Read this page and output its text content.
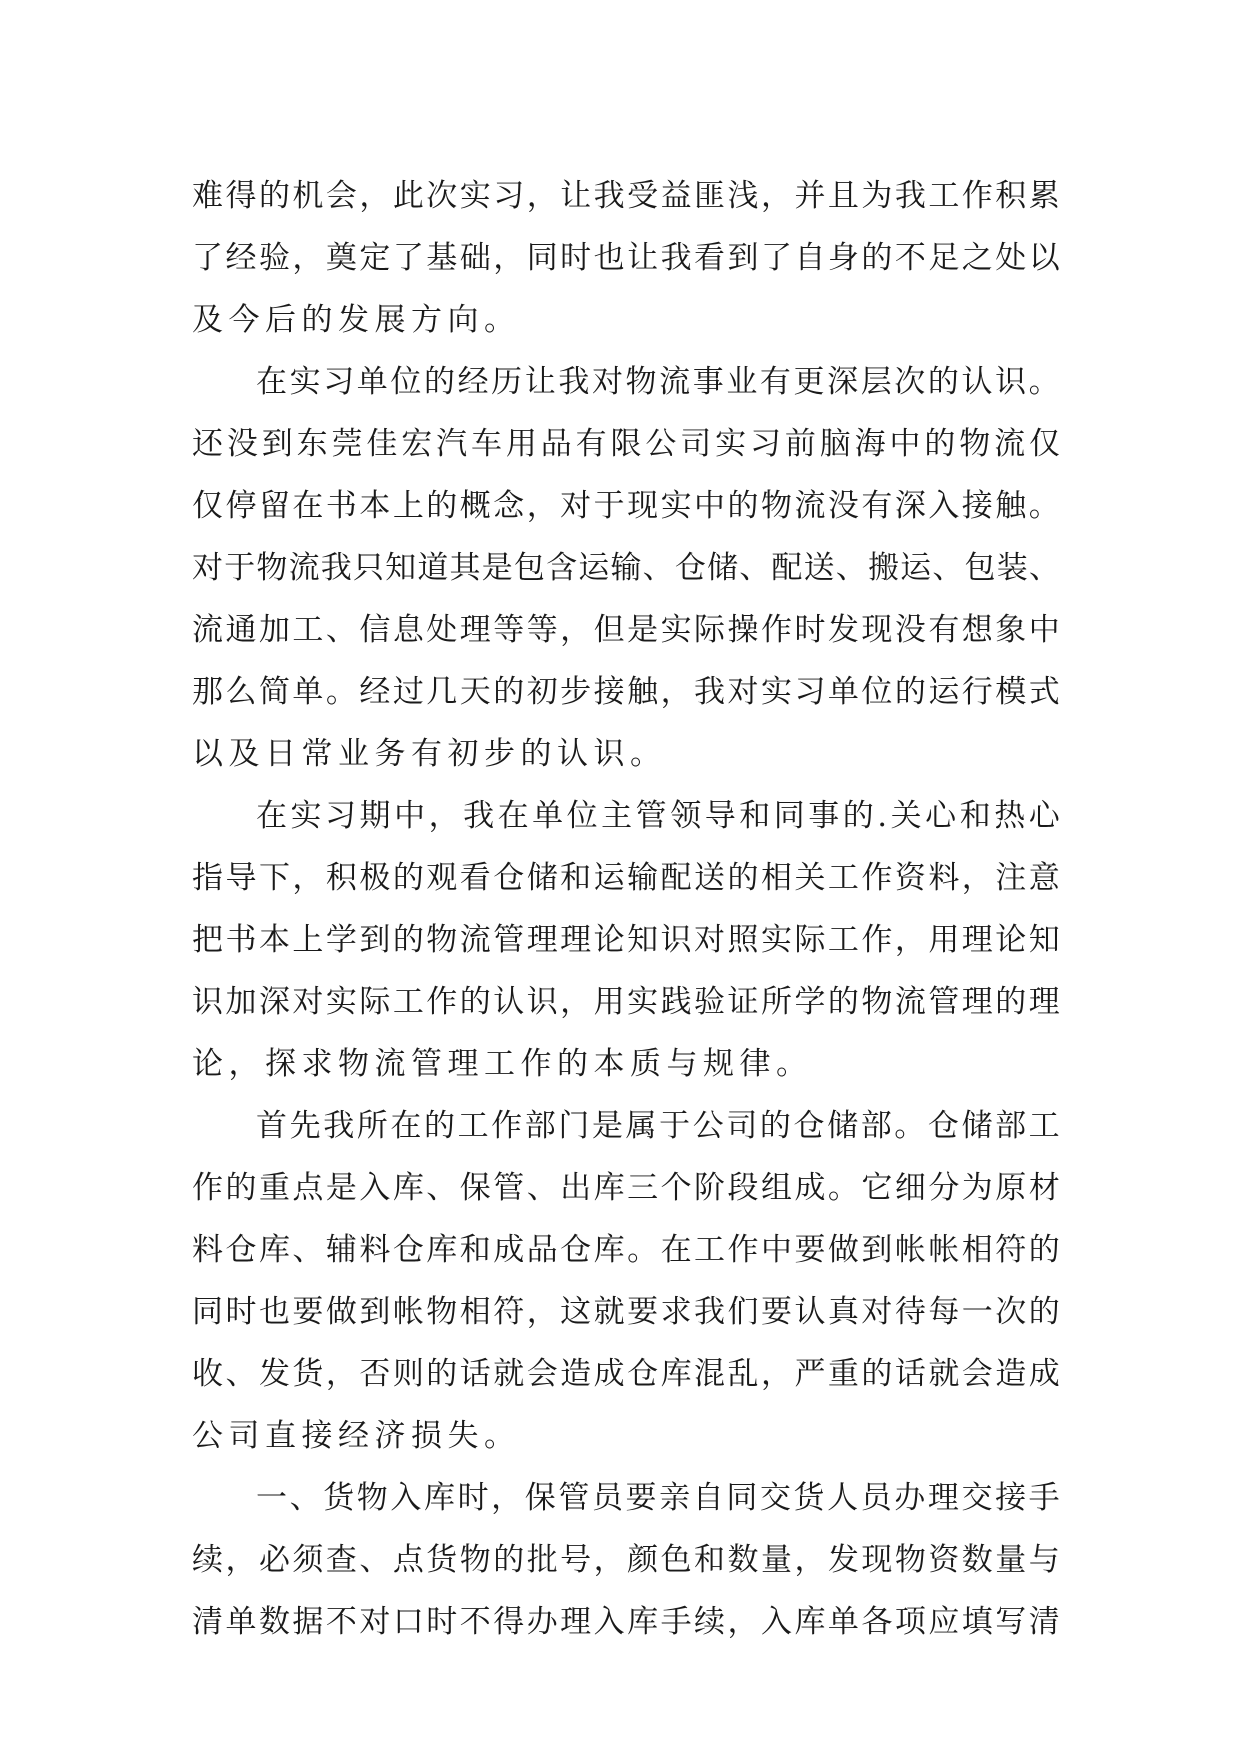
难 得 的 机 会 ， 此 次 实 习 ， 让 我 受 益 匪 浅 ， 并 且 为 我 工 作 积 累
了 经 验 ， 奠 定 了 基 础 ， 同 时 也 让 我 看 到 了 自 身 的 不 足 之 处 以
及今后的发展方向。
在 实 习 单 位 的 经 历 让 我 对 物 流 事 业 有 更 深 层 次 的 认 识 。
还 没 到 东 莞 佳 宏 汽 车 用 品 有 限 公 司 实 习 前 脑 海 中 的 物 流 仅
仅 停 留 在 书 本 上 的 概 念 ， 对 于 现 实 中 的 物 流 没 有 深 入 接 触 。
对 于 物 流 我 只 知 道 其 是 包 含 运 输 、 仓 储 、 配 送 、 搬 运 、 包 装 、
流 通 加 工 、 信 息 处 理 等 等 ， 但 是 实 际 操 作 时 发 现 没 有 想 象 中
那 么 简 单 。 经 过 几 天 的 初 步 接 触 ， 我 对 实 习 单 位 的 运 行 模 式
以及日常业务有初步的认识。
在 实 习 期 中 ， 我 在 单 位 主 管 领 导 和 同 事 的 . 关 心 和 热 心
指 导 下 ， 积 极 的 观 看 仓 储 和 运 输 配 送 的 相 关 工 作 资 料 ， 注 意
把 书 本 上 学 到 的 物 流 管 理 理 论 知 识 对 照 实 际 工 作 ， 用 理 论 知
识 加 深 对 实 际 工 作 的 认 识 ， 用 实 践 验 证 所 学 的 物 流 管 理 的 理
论，探求物流管理工作的本质与规律。
首 先 我 所 在 的 工 作 部 门 是 属 于 公 司 的 仓 储 部 。 仓 储 部 工
作 的 重 点 是 入 库 、 保 管 、 出 库 三 个 阶 段 组 成 。 它 细 分 为 原 材
料 仓 库 、 辅 料 仓 库 和 成 品 仓 库 。 在 工 作 中 要 做 到 帐 帐 相 符 的
同 时 也 要 做 到 帐 物 相 符 ， 这 就 要 求 我 们 要 认 真 对 待 每 一 次 的
收 、 发 货 ， 否 则 的 话 就 会 造 成 仓 库 混 乱 ， 严 重 的 话 就 会 造 成
公司直接经济损失。
一 、 货 物 入 库 时 ， 保 管 员 要 亲 自 同 交 货 人 员 办 理 交 接 手
续 ， 必 须 查 、 点 货 物 的 批 号 ， 颜 色 和 数 量 ， 发 现 物 资 数 量 与
清 单 数 据 不 对 口 时 不 得 办 理 入 库 手 续 ， 入 库 单 各 项 应 填 写 清
